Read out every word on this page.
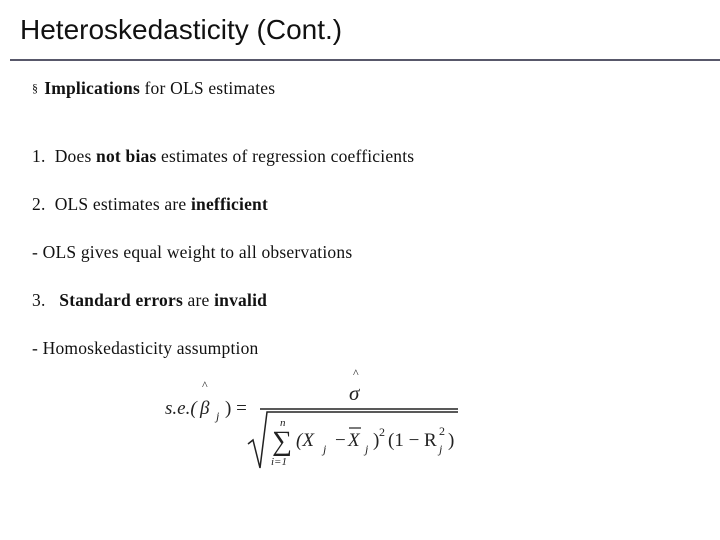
Heteroskedasticity (Cont.)
§ Implications for OLS estimates
1. Does not bias estimates of regression coefficients
2. OLS estimates are inefficient
- OLS gives equal weight to all observations
3. Standard errors are invalid
- Homoskedasticity assumption
s.e.(
^
β j ) =
^
σ
n
∑
i=1
(X j − X j ) 2 (1 − R 2
j )
